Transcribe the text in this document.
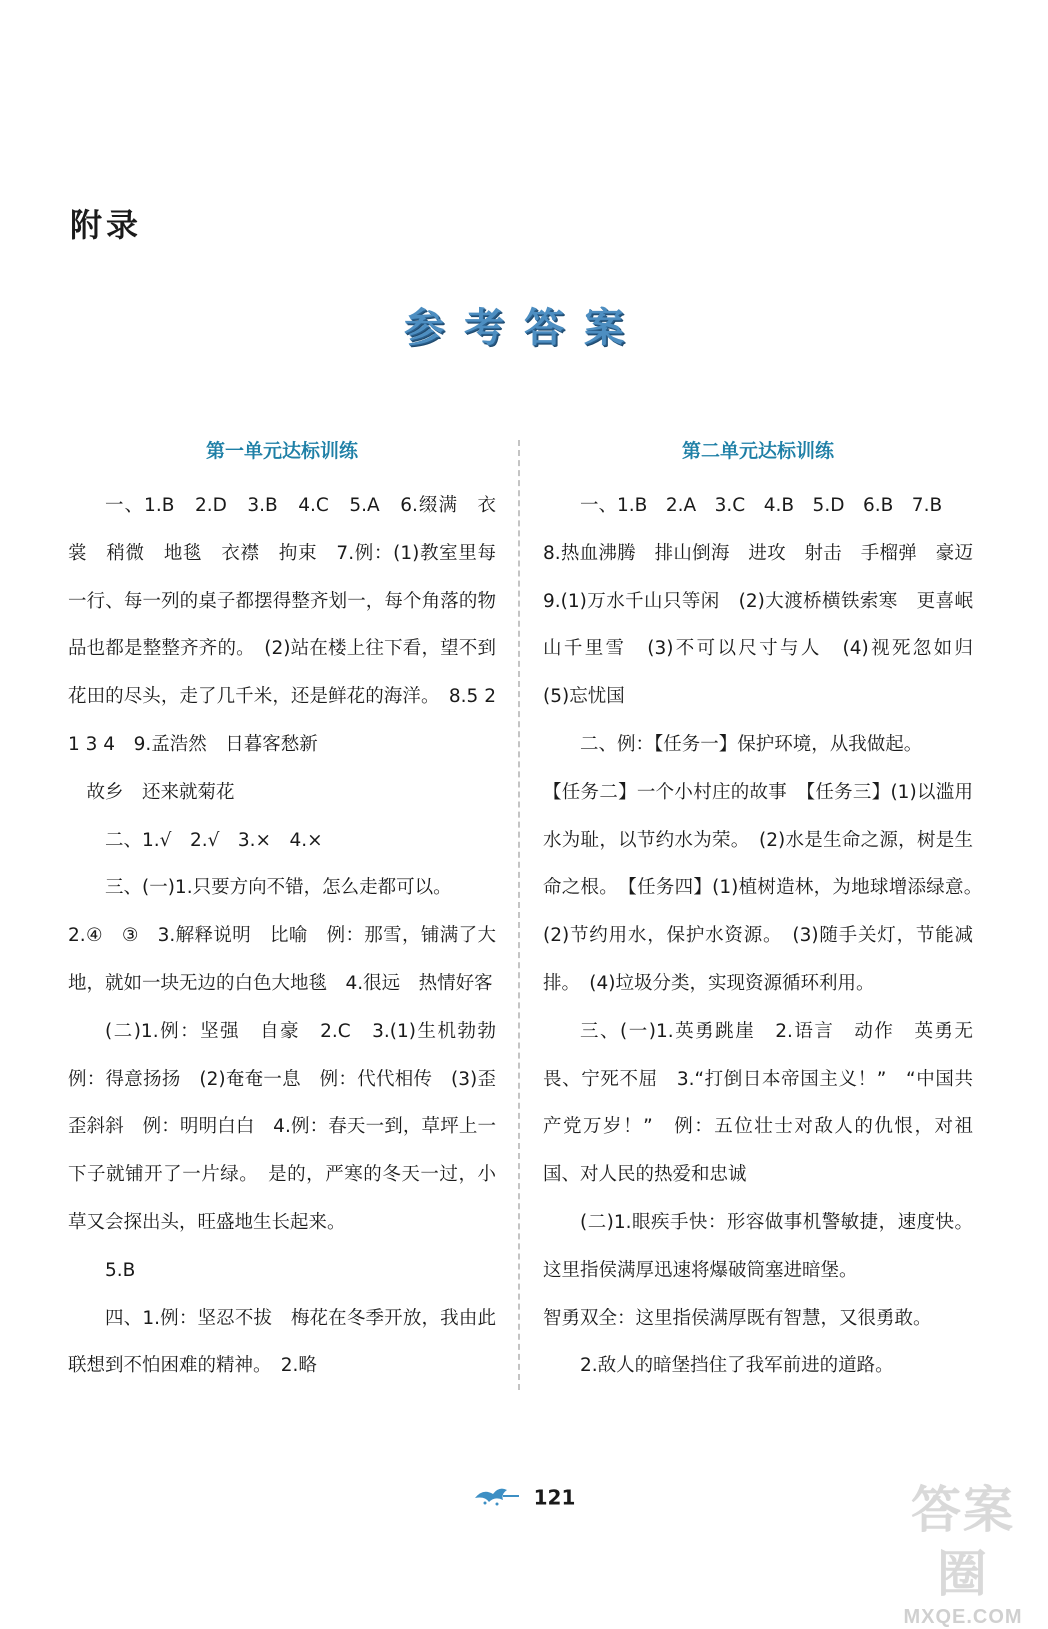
附录
参考答案
第一单元达标训练

一、1.B　2.D　3.B　4.C　5.A　6.缀满　衣裳　稍微　地毯　衣襟　拘束　7.例：(1)教室里每一行、每一列的桌子都摆得整齐划一，每个角落的物品也都是整整齐齐的。　(2)站在楼上往下看，望不到花田的尽头，走了几千米，还是鲜花的海洋。　8.5 2 1 3 4　9.孟浩然　日暮客愁新

　故乡　还来就菊花

二、1.√　2.√　3.×　4.×

三、(一)1.只要方向不错，怎么走都可以。

2.④　③　3.解释说明　比喻　例：那雪，铺满了大地，就如一块无边的白色大地毯　4.很远　热情好客

(二)1.例：坚强　自豪　2.C　3.(1)生机勃勃　例：得意扬扬　(2)奄奄一息　例：代代相传　(3)歪歪斜斜　例：明明白白　4.例：春天一到，草坪上一下子就铺开了一片绿。　是的，严寒的冬天一过，小草又会探出头，旺盛地生长起来。

5.B

四、1.例：坚忍不拔　梅花在冬季开放，我由此联想到不怕困难的精神。　2.略

第二单元达标训练

一、1.B　2.A　3.C　4.B　5.D　6.B　7.B

8.热血沸腾　排山倒海　进攻　射击　手榴弹　豪迈　9.(1)万水千山只等闲　(2)大渡桥横铁索寒　更喜岷山千里雪　(3)不可以尺寸与人　(4)视死忽如归　(5)忘忧国

二、例：【任务一】保护环境，从我做起。

【任务二】一个小村庄的故事　【任务三】(1)以滥用水为耻，以节约水为荣。　(2)水是生命之源，树是生命之根。　【任务四】(1)植树造林，为地球增添绿意。　(2)节约用水，保护水资源。　(3)随手关灯，节能减排。　(4)垃圾分类，实现资源循环利用。

三、(一)1.英勇跳崖　2.语言　动作　英勇无畏、宁死不屈　3.“打倒日本帝国主义！”　“中国共产党万岁！”　例：五位壮士对敌人的仇恨，对祖国、对人民的热爱和忠诚

(二)1.眼疾手快：形容做事机警敏捷，速度快。这里指侯满厚迅速将爆破筒塞进暗堡。

智勇双全：这里指侯满厚既有智慧，又很勇敢。

2.敌人的暗堡挡住了我军前进的道路。

121	答案圈
MXQE.COM
